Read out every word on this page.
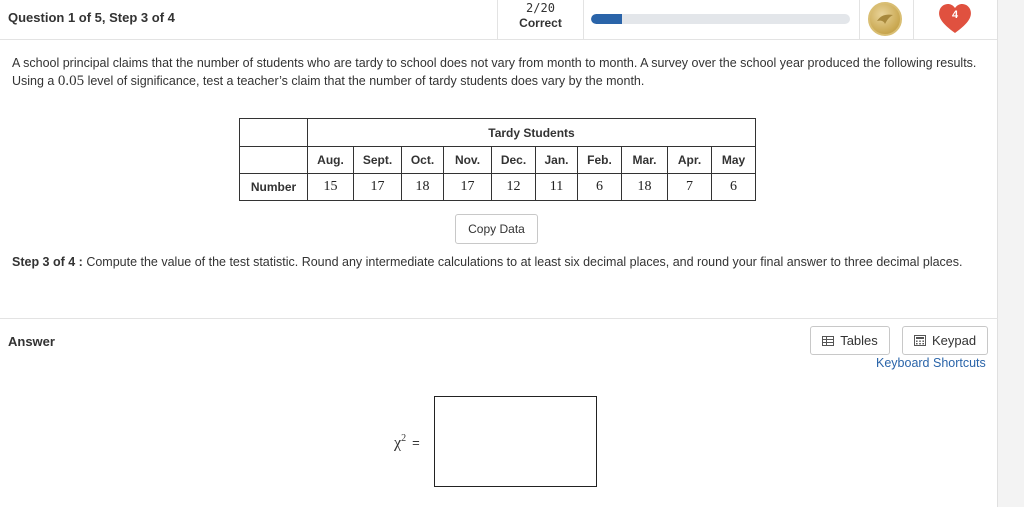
Question 1 of 5, Step 3 of 4
2/20
Correct
4
A school principal claims that the number of students who are tardy to school does not vary from month to month. A survey over the school year produced the following results. Using a 0.05 level of significance, test a teacher’s claim that the number of tardy students does vary by the month.
	Tardy Students									
	Aug.	Sept.	Oct.	Nov.	Dec.	Jan.	Feb.	Mar.	Apr.	May
Number	15	17	18	17	12	11	6	18	7	6
Copy Data
Step 3 of 4 : Compute the value of the test statistic. Round any intermediate calculations to at least six decimal places, and round your final answer to three decimal places.
Answer	Tables	Keypad
Keyboard Shortcuts
$\chi^2$ =
